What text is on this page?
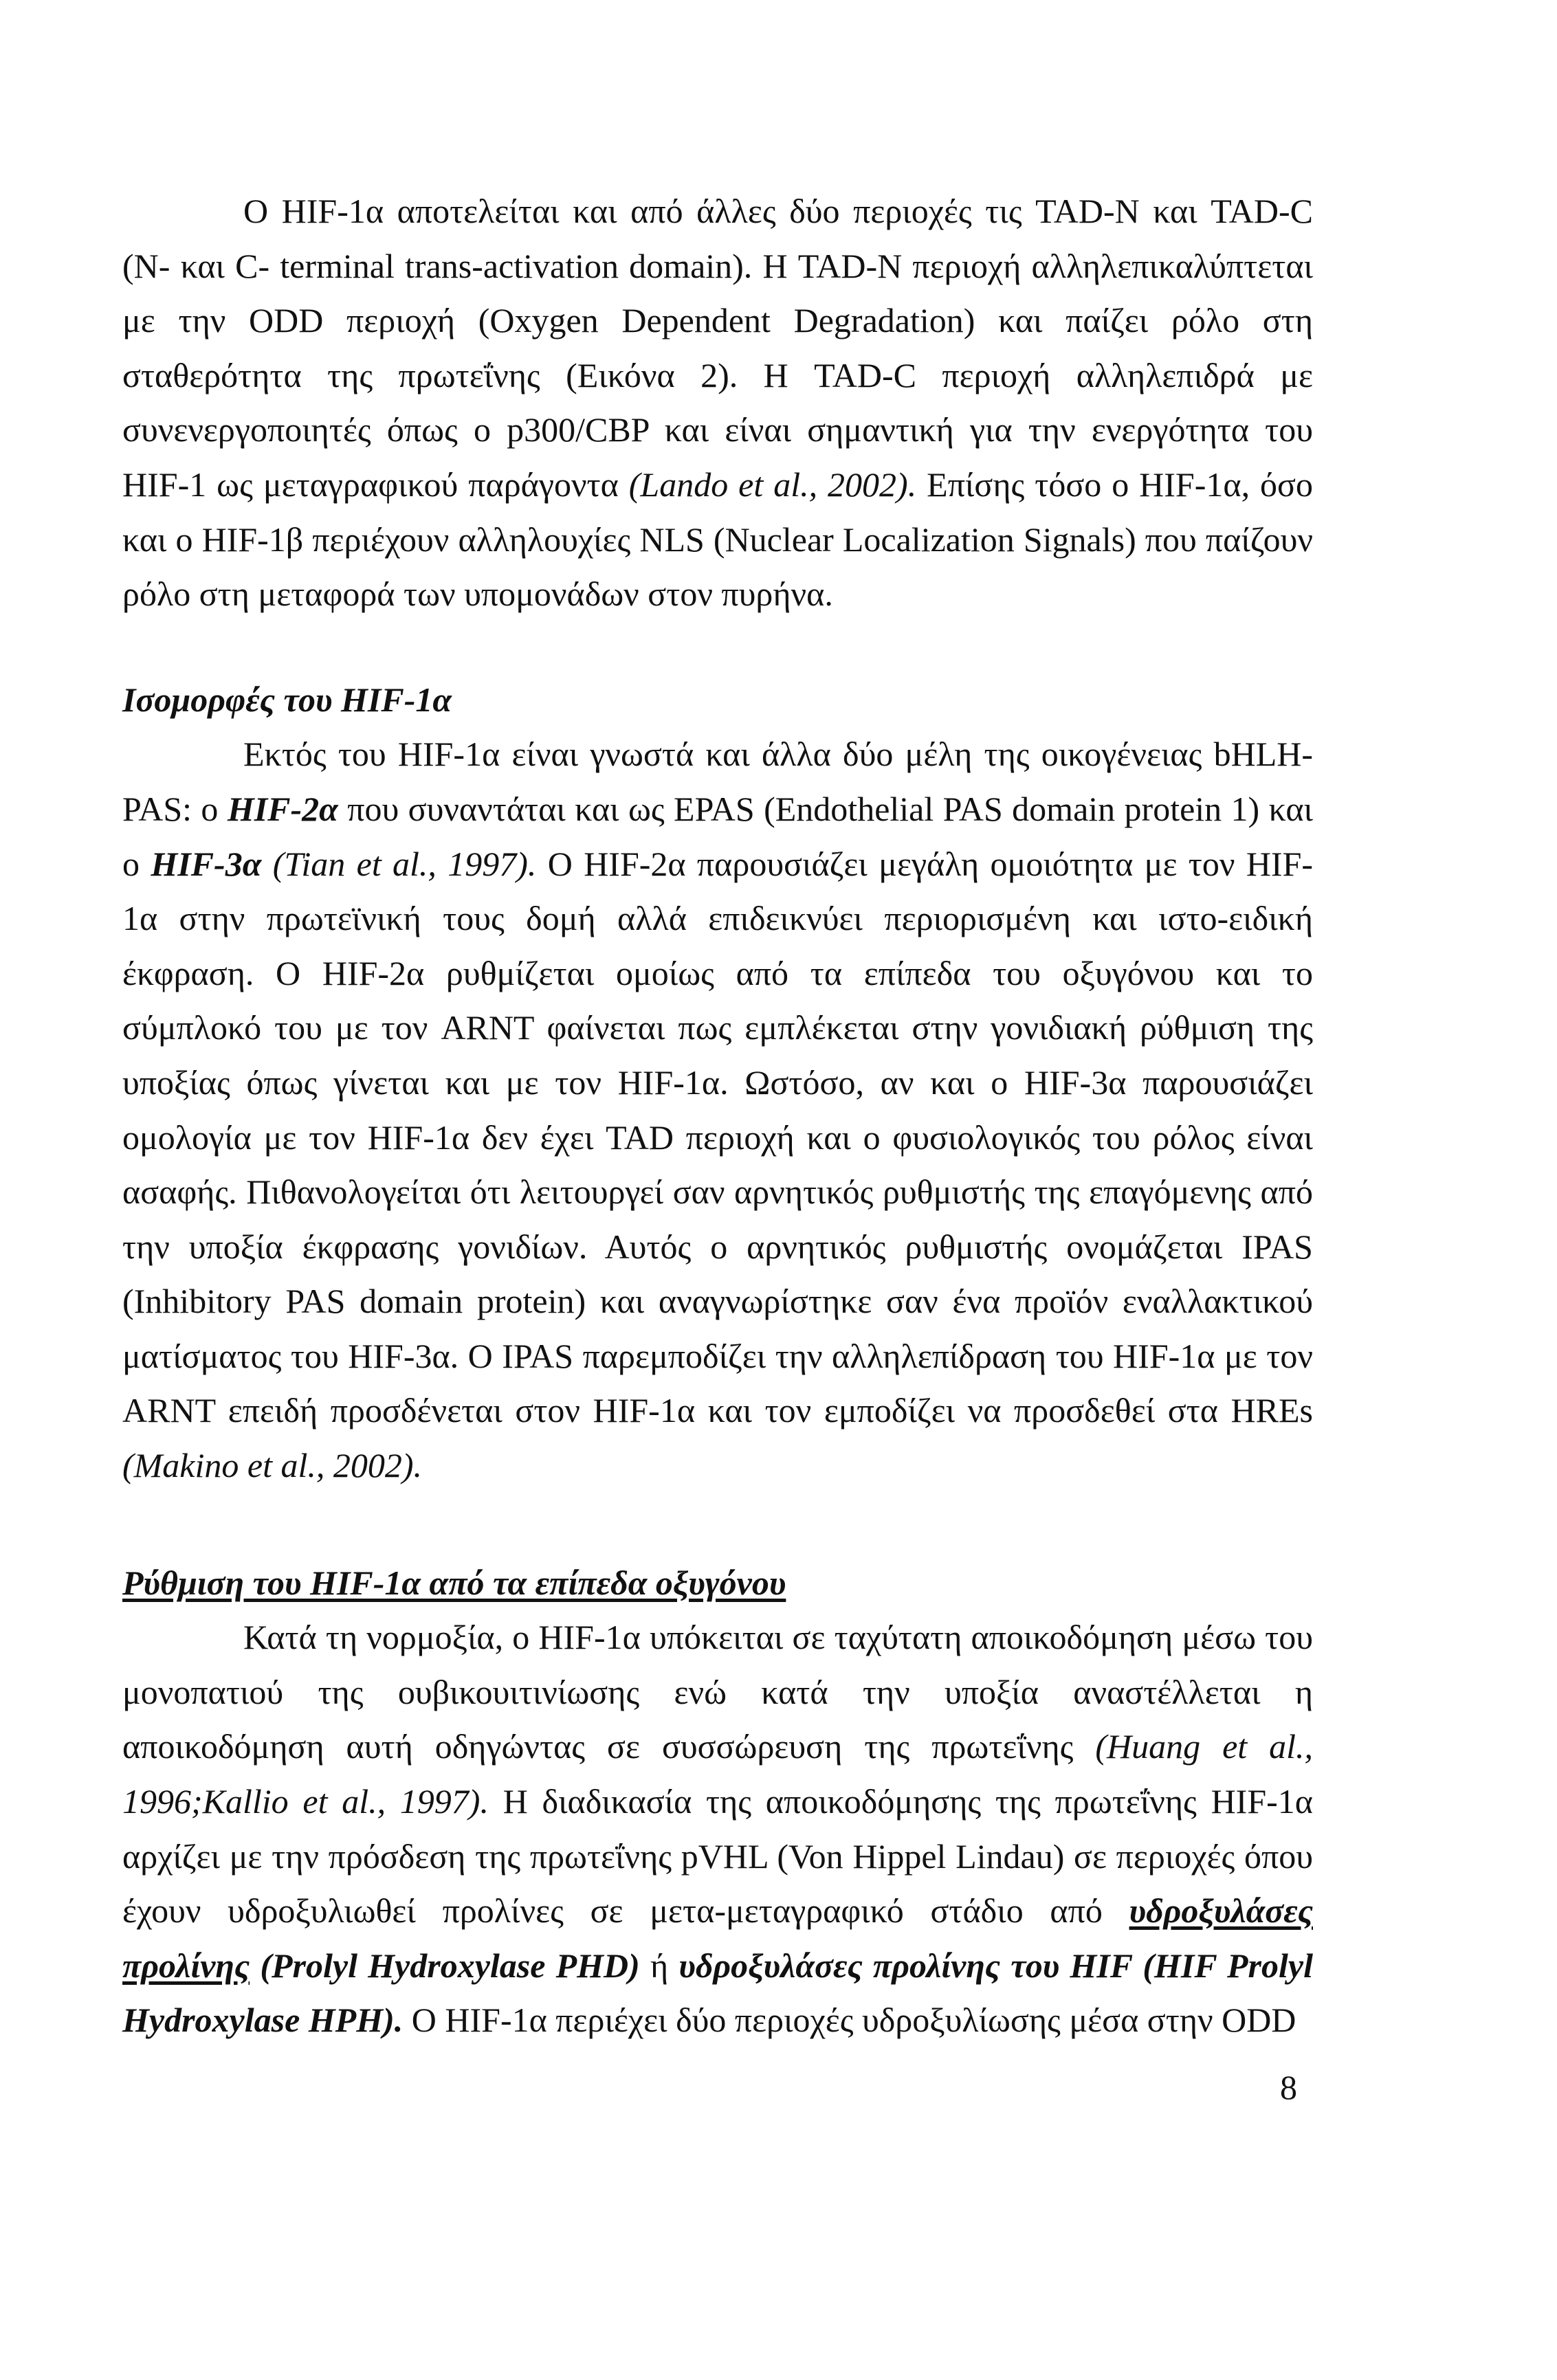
Ο HIF-1α αποτελείται και από άλλες δύο περιοχές τις TAD-N και TAD-C (N- και C- terminal trans-activation domain). Η TAD-N περιοχή αλληλεπικαλύπτεται με την ODD περιοχή (Oxygen Dependent Degradation) και παίζει ρόλο στη σταθερότητα της πρωτεΐνης (Εικόνα 2). Η TAD-C περιοχή αλληλεπιδρά με συνενεργοποιητές όπως ο p300/CBP και είναι σημαντική για την ενεργότητα του HIF-1 ως μεταγραφικού παράγοντα (Lando et al., 2002). Επίσης τόσο ο HIF-1α, όσο και ο HIF-1β περιέχουν αλληλουχίες NLS (Nuclear Localization Signals) που παίζουν ρόλο στη μεταφορά των υπομονάδων στον πυρήνα.

Ισομορφές του HIF-1α

Εκτός του HIF-1α είναι γνωστά και άλλα δύο μέλη της οικογένειας bHLH-PAS: ο HIF-2α που συναντάται και ως EPAS (Endothelial PAS domain protein 1) και ο HIF-3α (Tian et al., 1997). Ο HIF-2α παρουσιάζει μεγάλη ομοιότητα με τον HIF-1α στην πρωτεϊνική τους δομή αλλά επιδεικνύει περιορισμένη και ιστο-ειδική έκφραση. Ο HIF-2α ρυθμίζεται ομοίως από τα επίπεδα του οξυγόνου και το σύμπλοκό του με τον ARNT φαίνεται πως εμπλέκεται στην γονιδιακή ρύθμιση της υποξίας όπως γίνεται και με τον HIF-1α. Ωστόσο, αν και ο HIF-3α παρουσιάζει ομολογία με τον HIF-1α δεν έχει TAD περιοχή και ο φυσιολογικός του ρόλος είναι ασαφής. Πιθανολογείται ότι λειτουργεί σαν αρνητικός ρυθμιστής της επαγόμενης από την υποξία έκφρασης γονιδίων. Αυτός ο αρνητικός ρυθμιστής ονομάζεται IPAS (Inhibitory PAS domain protein) και αναγνωρίστηκε σαν ένα προϊόν εναλλακτικού ματίσματος του HIF-3α. Ο IPAS παρεμποδίζει την αλληλεπίδραση του HIF-1α με τον ARNT επειδή προσδένεται στον HIF-1α και τον εμποδίζει να προσδεθεί στα HREs (Makino et al., 2002).

Ρύθμιση του HIF-1α από τα επίπεδα οξυγόνου

Κατά τη νορμοξία, ο HIF-1α υπόκειται σε ταχύτατη αποικοδόμηση μέσω του μονοπατιού της ουβικουιτινίωσης ενώ κατά την υποξία αναστέλλεται η αποικοδόμηση αυτή οδηγώντας σε συσσώρευση της πρωτεΐνης (Huang et al., 1996;Kallio et al., 1997). Η διαδικασία της αποικοδόμησης της πρωτεΐνης HIF-1α αρχίζει με την πρόσδεση της πρωτεΐνης pVHL (Von Hippel Lindau) σε περιοχές όπου έχουν υδροξυλιωθεί προλίνες σε μετα-μεταγραφικό στάδιο από υδροξυλάσες προλίνης (Prolyl Hydroxylase PHD) ή υδροξυλάσες προλίνης του HIF (HIF Prolyl Hydroxylase HPH). Ο HIF-1α περιέχει δύο περιοχές υδροξυλίωσης μέσα στην ODD

8
